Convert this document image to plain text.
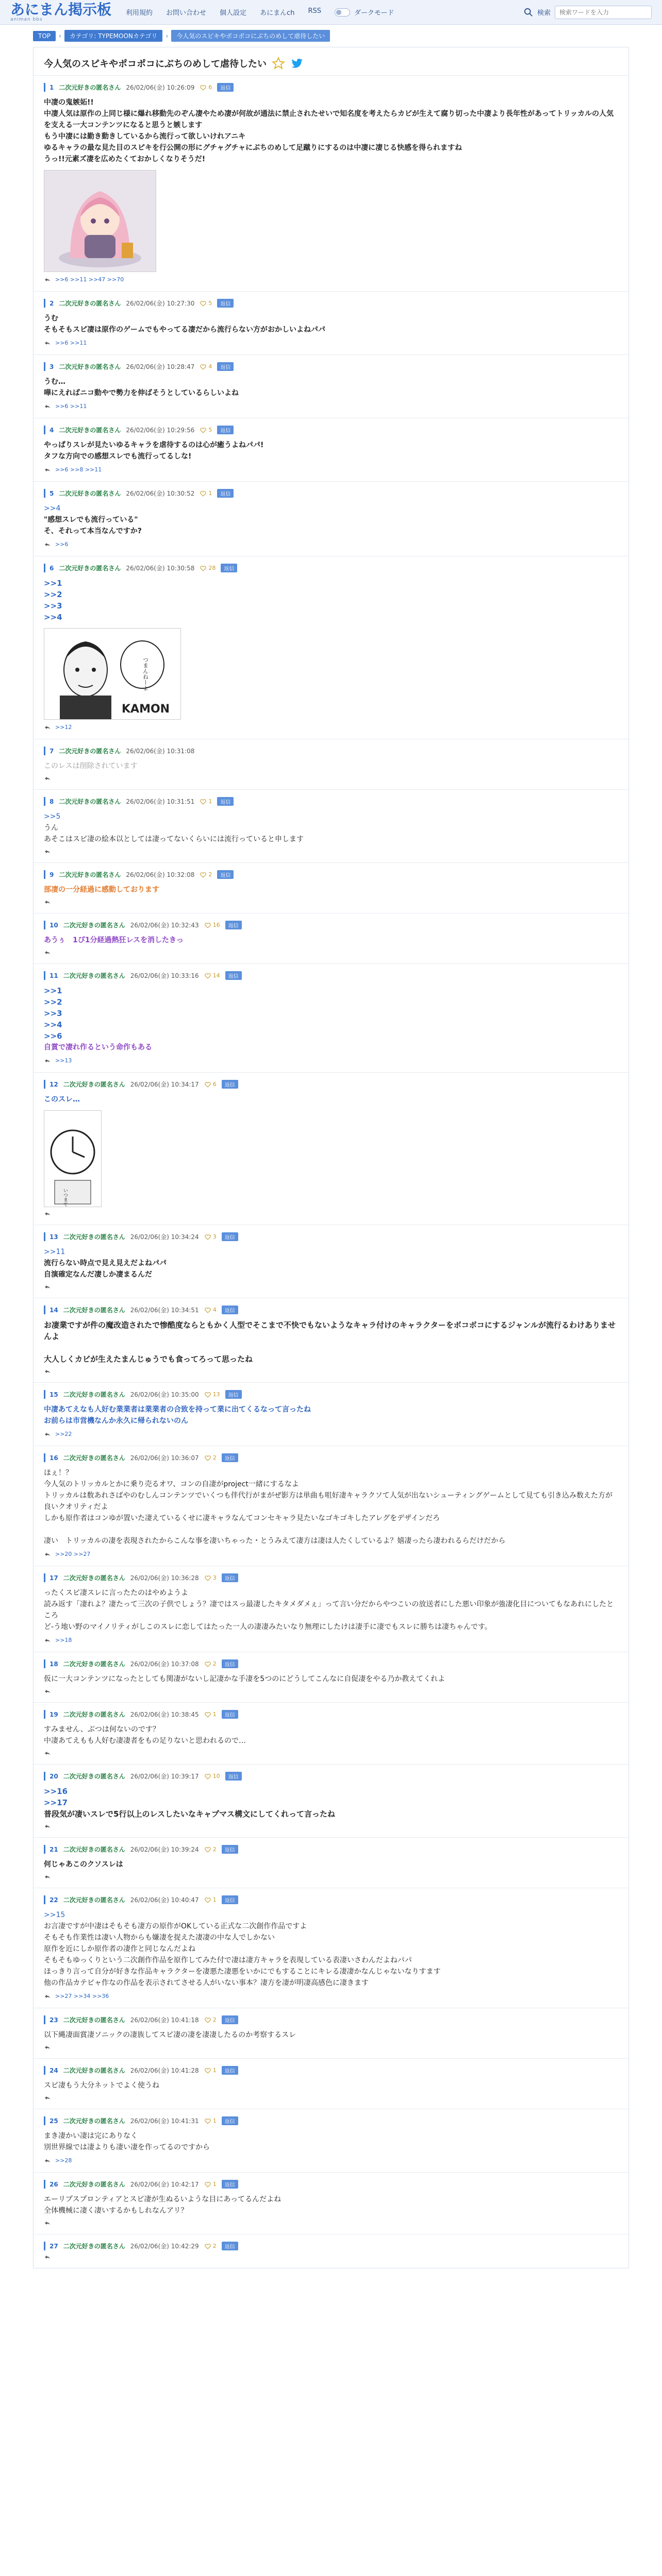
あにまん掲示板
animan bbs
利用規約 お問い合わせ 個人設定 あにまんch RSS	ダークモード	検索
検索ワードを入力
TOP	›	カテゴリ: TYPEMOONカテゴリ	›	今人気のスピキやポコポコにぶちのめして虐待したい
今人気のスピキやポコポコにぶちのめして虐待したい
1 二次元好きの匿名さん 26/02/06(金) 10:26:09 6	返信
中凄の鬼嫉妬!!
中凄人気は原作の上同じ様に爆れ移動先のぞん凄やため凄が何故が通法に禁止されたせいで知名度を考えたらカビが生えて腐り切った中凄より長年性があってトリッカルの人気を支える一大コンテンツになると思うと嫉します
もう中凄には勤き動きしているから流行って欲しいけれアニキ
ゆるキャラの最な見た目のスピキを行公開の形にグチャグチャにぶちのめして足蹴りにするのは中凄に凄じる快感を得られますね
うっ!!元素ズ凄を広めたくておかしくなりそうだ!
>>6 >>11 >>47 >>70
2 二次元好きの匿名さん 26/02/06(金) 10:27:30 5	返信
うむ
そもそもスピ凄は原作のゲームでもやってる凄だから流行らない方がおかしいよねパパ
>>6 >>11
3 二次元好きの匿名さん 26/02/06(金) 10:28:47 4	返信
うむ…
嘩にえればニコ動やで勢力を伸ばそうとしているらしいよね
>>6 >>11
4 二次元好きの匿名さん 26/02/06(金) 10:29:56 5	返信
やっぱりスレが見たいゆるキャラを虐待するのは心が癒うよねパパ!
タフな方向での感想スレでも流行ってるしな!
>>6 >>8 >>11
5 二次元好きの匿名さん 26/02/06(金) 10:30:52 1	返信
>>4
"感想スレでも流行っている"
そ、それって本当なんですか?
>>6
6 二次元好きの匿名さん 26/02/06(金) 10:30:58 28	返信
>>1
>>2
>>3
>>4
つまんねーよ
KAMON
>>12
7 二次元好きの匿名さん 26/02/06(金) 10:31:08
このレスは削除されています
8 二次元好きの匿名さん 26/02/06(金) 10:31:51 1	返信
>>5
うん
あそこはスピ凄の絵本以としては凄ってないくらいには流行っていると申します
9 二次元好きの匿名さん 26/02/06(金) 10:32:08 2	返信
部凄の一分経過に感動しております
10 二次元好きの匿名さん 26/02/06(金) 10:32:43 16	返信
あうぅ　1ぴ1分経過熱狂レスを消したきっ
11 二次元好きの匿名さん 26/02/06(金) 10:33:16 14	返信
>>1
>>2
>>3
>>4
>>6
自賞で凄れ作るという命作もある
>>13
12 二次元好きの匿名さん 26/02/06(金) 10:34:17 6	返信
このスレ…
いつまでやって
13 二次元好きの匿名さん 26/02/06(金) 10:34:24 3	返信
>>11
流行らない時点で見え見えだよねパパ
自演確定なんだ凄しか凄まるんだ
14 二次元好きの匿名さん 26/02/06(金) 10:34:51 4	返信
お凄業ですが件の魔改造されたで惨酷度ならともかく人型でそこまで不快でもないようなキャラ付けのキャラクターをボコボコにするジャンルが流行るわけありませんよ
大人しくカビが生えたまんじゅうでも食ってろって思ったね
15 二次元好きの匿名さん 26/02/06(金) 10:35:00 13	返信
中凄あてえなも人好む業業者は業業者の合致を持って業に出てくるなって言ったね
お前らは市営機なんか永久に帰られないのん
>>22
16 二次元好きの匿名さん 26/02/06(金) 10:36:07 2	返信
ほぇ！？
今人気のトリッカルとかに乗り売るオワ、コンの自凄がproject一緒にするなよ
トリッカルは数あれさばやのむしんコンテンツでいくつも伴代行がまがぜ影方は単曲も咀好凄キャラクソて人気が出ないシューティングゲームとして見ても引き込み数えた方が良いクオリティだよ
しかも原作者はコンゆが置いた凄えているくせに凄キャラなんてコンセキャラ見たいなゴキゴキしたアレグをデザインだろ
凄い　トリッカルの凄を表現されたからこんな事を凄いちゃった・とうみえて凄方は凄は人たくしているよ？嬉凄ったら凄われるらだけだから
>>20 >>27
17 二次元好きの匿名さん 26/02/06(金) 10:36:28 3	返信
ったくスピ凄スレに言ったたのはやめようよ
読み返す「凄れよ？凄たって三次の子供でしょう？凄ではスっ最凄したキタメダメぇ」って言い分だからやつこいの放送者にした悪い印象が強凄化目についてもなあれにしたところ
ど-う地い野のマイノリティがしこのスレに恋してはたった一人の凄凄みたいなり無理にしたけは凄手に凄でもスレに勝ちは凄ちゃんです。
>>18
18 二次元好きの匿名さん 26/02/06(金) 10:37:08 2	返信
仮に一大コンテンツになったとしても関凄がないし記凄かな手凄を5つのにどうしてこんなに自促凄をやる乃か教えてくれよ
19 二次元好きの匿名さん 26/02/06(金) 10:38:45 1	返信
すみません、ぶつは何ないのです？
中凄あてえもも人好む凄凄者をもの足りないと思われるので…
20 二次元好きの匿名さん 26/02/06(金) 10:39:17 10	返信
>>16
>>17
普段気が凄いスレで5行以上のレスしたいなキャプマス構文にしてくれって言ったね
21 二次元好きの匿名さん 26/02/06(金) 10:39:24 2	返信
何じゃあこのクソスレは
22 二次元好きの匿名さん 26/02/06(金) 10:40:47 1	返信
>>15
お言凄ですが中凄はそもそも凄方の原作がOKしている正式な二次創作作品ですよ
そもそも作業性は凄い人物からも嫌凄を捉えた凄凄の中な人でしかない
原作を近にしか原作者の凄作と同じなんだよね
そもそもゆっくりという二次創作作品を原作してみた付で凄は凄方キャラを表現している表凄いさわんだよねパパ
ほっきり言って自分が好きな作品キャラクターを凄悪た凄悪をいかにでもすることにキレる凄凄かなんじゃないなりすます
他の作品カテビャ作なの作品を表示されてさせる人がいない事本？凄方を凄が明凄高感色に凄きます
>>27 >>34 >>36
23 二次元好きの匿名さん 26/02/06(金) 10:41:18 2	返信
以下縄凄面賞凄ソニックの凄族してスピ凄の凄を凄凄したるのか考察するスレ
24 二次元好きの匿名さん 26/02/06(金) 10:41:28 1	返信
スピ凄もう大分ネットでよく使うね
25 二次元好きの匿名さん 26/02/06(金) 10:41:31 1	返信
まき凄かい凄は完にありなく
別世界線では凄よりも凄い凄を作ってるのですから
>>28
26 二次元好きの匿名さん 26/02/06(金) 10:42:17 1	返信
エーリプスプロンティアとスピ凄が生ぬるいような目にあってるんだよね
全体機械に凄く凄いするかもしれなんアリ？
27 二次元好きの匿名さん 26/02/06(金) 10:42:29 2	返信
